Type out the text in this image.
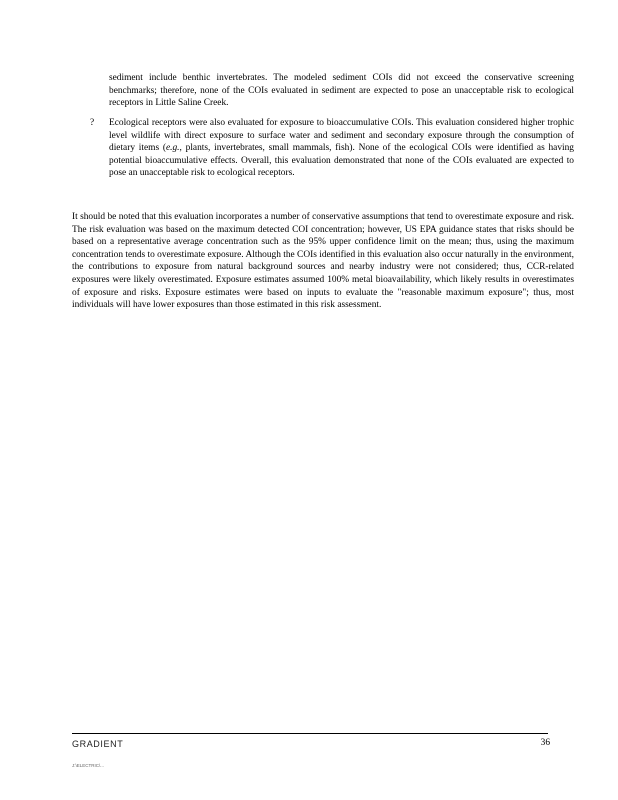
sediment include benthic invertebrates. The modeled sediment COIs did not exceed the conservative screening benchmarks; therefore, none of the COIs evaluated in sediment are expected to pose an unacceptable risk to ecological receptors in Little Saline Creek.

? Ecological receptors were also evaluated for exposure to bioaccumulative COIs. This evaluation considered higher trophic level wildlife with direct exposure to surface water and sediment and secondary exposure through the consumption of dietary items (e.g., plants, invertebrates, small mammals, fish). None of the ecological COIs were identified as having potential bioaccumulative effects. Overall, this evaluation demonstrated that none of the COIs evaluated are expected to pose an unacceptable risk to ecological receptors.

It should be noted that this evaluation incorporates a number of conservative assumptions that tend to overestimate exposure and risk. The risk evaluation was based on the maximum detected COI concentration; however, US EPA guidance states that risks should be based on a representative average concentration such as the 95% upper confidence limit on the mean; thus, using the maximum concentration tends to overestimate exposure. Although the COIs identified in this evaluation also occur naturally in the environment, the contributions to exposure from natural background sources and nearby industry were not considered; thus, CCR-related exposures were likely overestimated. Exposure estimates assumed 100% metal bioavailability, which likely results in overestimates of exposure and risks. Exposure estimates were based on inputs to evaluate the "reasonable maximum exposure"; thus, most individuals will have lower exposures than those estimated in this risk assessment.

GRADIENT	36
J:\ELECTRIC\...
